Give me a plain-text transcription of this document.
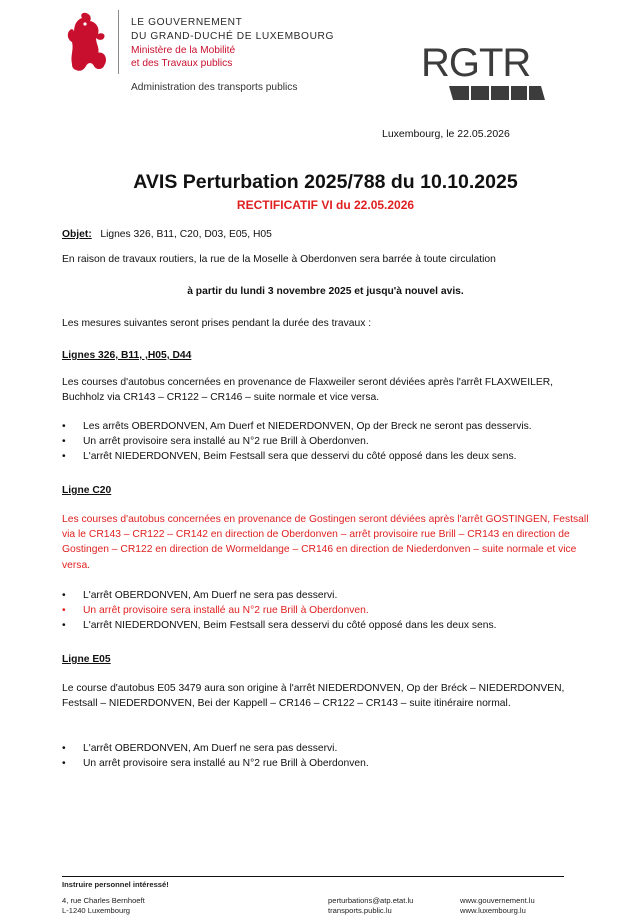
LE GOUVERNEMENT
DU GRAND-DUCHÉ DE LUXEMBOURG
Ministère de la Mobilité
et des Travaux publics
Administration des transports publics
RGTR
Luxembourg, le 22.05.2026
AVIS Perturbation 2025/788 du 10.10.2025
RECTIFICATIF VI du 22.05.2026
Objet: Lignes 326, B11, C20, D03, E05, H05
En raison de travaux routiers, la rue de la Moselle à Oberdonven sera barrée à toute circulation
à partir du lundi 3 novembre 2025 et jusqu'à nouvel avis.
Les mesures suivantes seront prises pendant la durée des travaux :
Lignes 326, B11, ,H05, D44
Les courses d'autobus concernées en provenance de Flaxweiler seront déviées après l'arrêt FLAXWEILER, Buchholz via CR143 – CR122 – CR146 – suite normale et vice versa.
• Les arrêts OBERDONVEN, Am Duerf et NIEDERDONVEN, Op der Breck ne seront pas desservis.
• Un arrêt provisoire sera installé au N°2 rue Brill à Oberdonven.
• L'arrêt NIEDERDONVEN, Beim Festsall sera que desservi du côté opposé dans les deux sens.
Ligne C20
Les courses d'autobus concernées en provenance de Gostingen seront déviées après l'arrêt GOSTINGEN, Festsall via le CR143 – CR122 – CR142 en direction de Oberdonven – arrêt provisoire rue Brill – CR143 en direction de Gostingen – CR122 en direction de Wormeldange – CR146 en direction de Niederdonven – suite normale et vice versa.
• L'arrêt OBERDONVEN, Am Duerf ne sera pas desservi.
• Un arrêt provisoire sera installé au N°2 rue Brill à Oberdonven.
• L'arrêt NIEDERDONVEN, Beim Festsall sera desservi du côté opposé dans les deux sens.
Ligne E05
Le course d'autobus E05 3479 aura son origine à l'arrêt NIEDERDONVEN, Op der Bréck – NIEDERDONVEN, Festsall – NIEDERDONVEN, Bei der Kappell – CR146 – CR122 – CR143 – suite itinéraire normal.
• L'arrêt OBERDONVEN, Am Duerf ne sera pas desservi.
• Un arrêt provisoire sera installé au N°2 rue Brill à Oberdonven.
Instruire personnel intéressé!
4, rue Charles Bernhoeft
L-1240 Luxembourg
perturbations@atp.etat.lu
transports.public.lu
www.gouvernement.lu
www.luxembourg.lu
